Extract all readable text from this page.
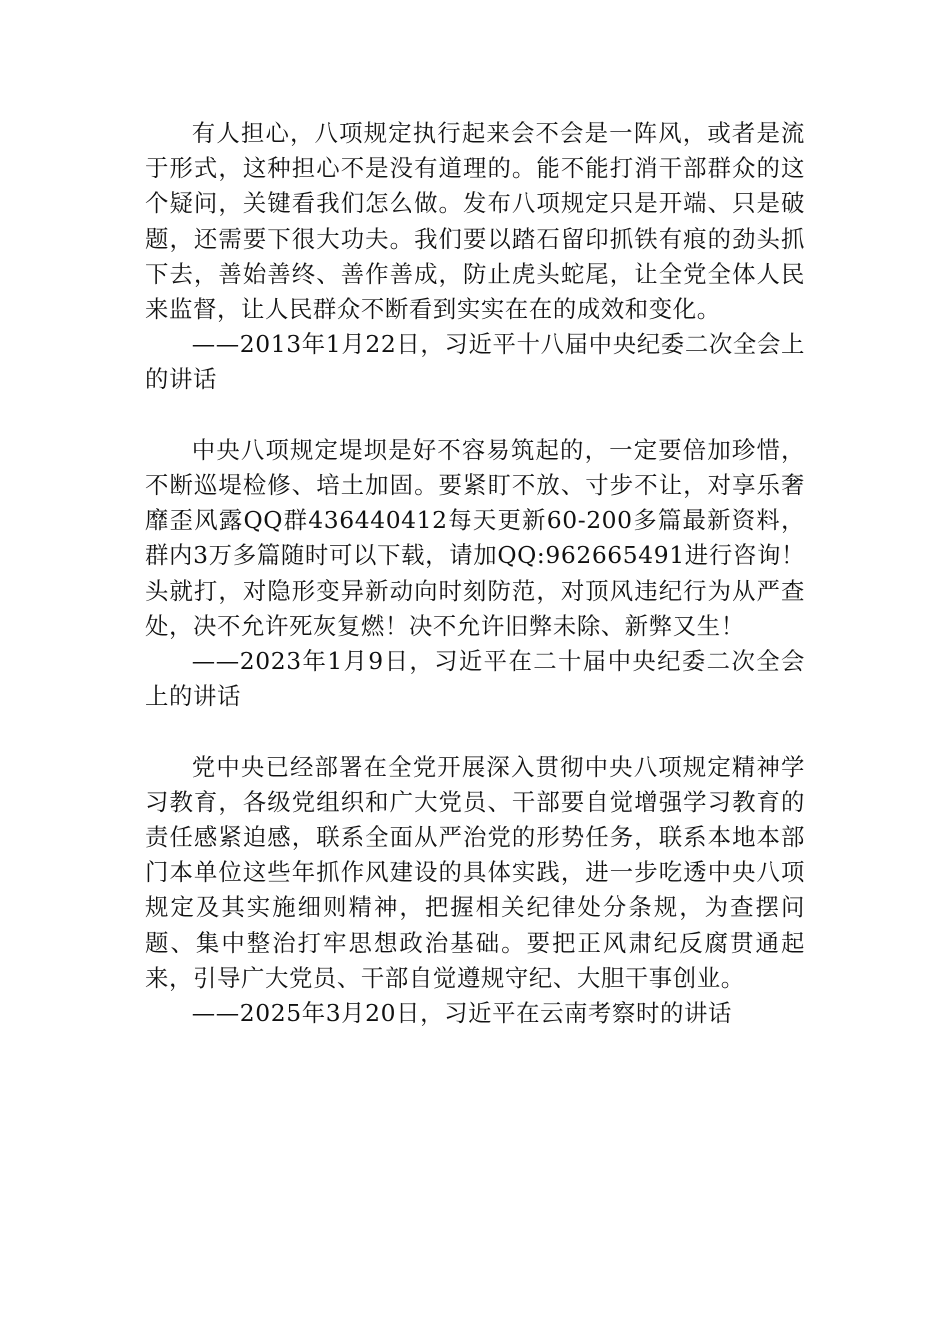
有人担心，八项规定执行起来会不会是一阵风，或者是流于形式，这种担心不是没有道理的。能不能打消干部群众的这个疑问，关键看我们怎么做。发布八项规定只是开端、只是破题，还需要下很大功夫。我们要以踏石留印抓铁有痕的劲头抓下去，善始善终、善作善成，防止虎头蛇尾，让全党全体人民来监督，让人民群众不断看到实实在在的成效和变化。

——2013年1月22日，习近平十八届中央纪委二次全会上的讲话

中央八项规定堤坝是好不容易筑起的，一定要倍加珍惜，不断巡堤检修、培土加固。要紧盯不放、寸步不让，对享乐奢靡歪风露QQ群436440412每天更新60-200多篇最新资料，群内3万多篇随时可以下载，请加QQ:962665491进行咨询！头就打，对隐形变异新动向时刻防范，对顶风违纪行为从严查处，决不允许死灰复燃！决不允许旧弊未除、新弊又生！

——2023年1月9日，习近平在二十届中央纪委二次全会上的讲话

党中央已经部署在全党开展深入贯彻中央八项规定精神学习教育，各级党组织和广大党员、干部要自觉增强学习教育的责任感紧迫感，联系全面从严治党的形势任务，联系本地本部门本单位这些年抓作风建设的具体实践，进一步吃透中央八项规定及其实施细则精神，把握相关纪律处分条规，为查摆问题、集中整治打牢思想政治基础。要把正风肃纪反腐贯通起来，引导广大党员、干部自觉遵规守纪、大胆干事创业。

——2025年3月20日，习近平在云南考察时的讲话
